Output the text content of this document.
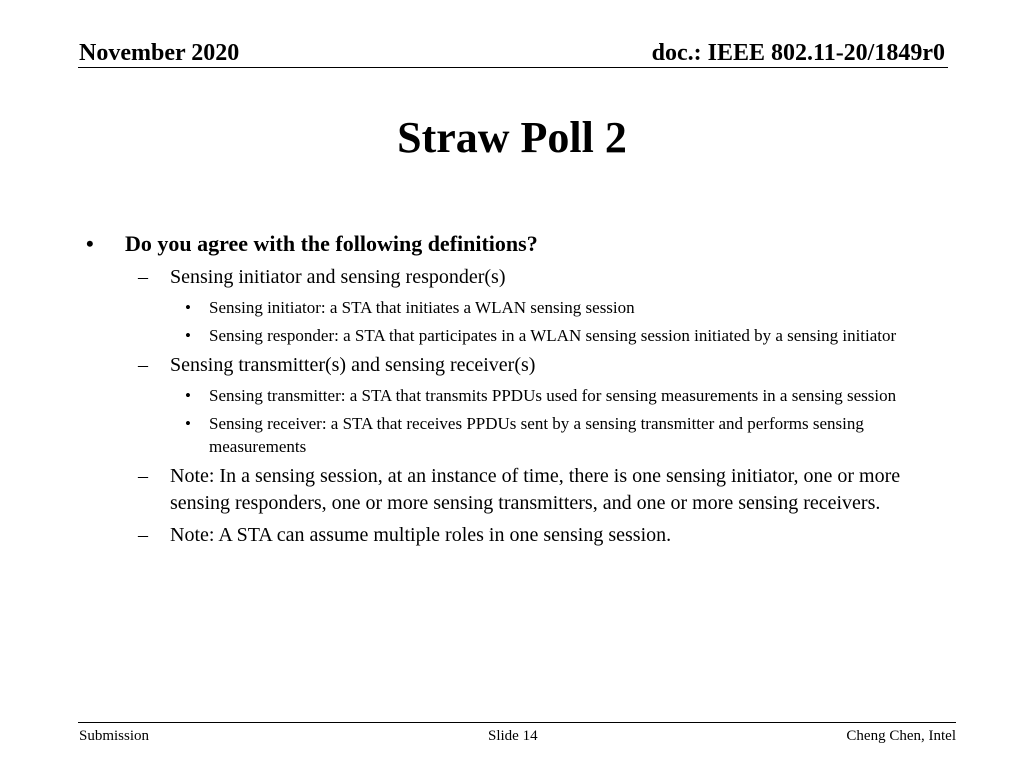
November 2020	doc.: IEEE 802.11-20/1849r0
Straw Poll 2
• Do you agree with the following definitions?
– Sensing initiator and sensing responder(s)
• Sensing initiator: a STA that initiates a WLAN sensing session
• Sensing responder: a STA that participates in a WLAN sensing session initiated by a sensing initiator
– Sensing transmitter(s) and sensing receiver(s)
• Sensing transmitter: a STA that transmits PPDUs used for sensing measurements in a sensing session
• Sensing receiver: a STA that receives PPDUs sent by a sensing transmitter and performs sensing measurements
– Note: In a sensing session, at an instance of time, there is one sensing initiator, one or more sensing responders, one or more sensing transmitters, and one or more sensing receivers.
– Note: A STA can assume multiple roles in one sensing session.
Submission	Slide 14	Cheng Chen, Intel
